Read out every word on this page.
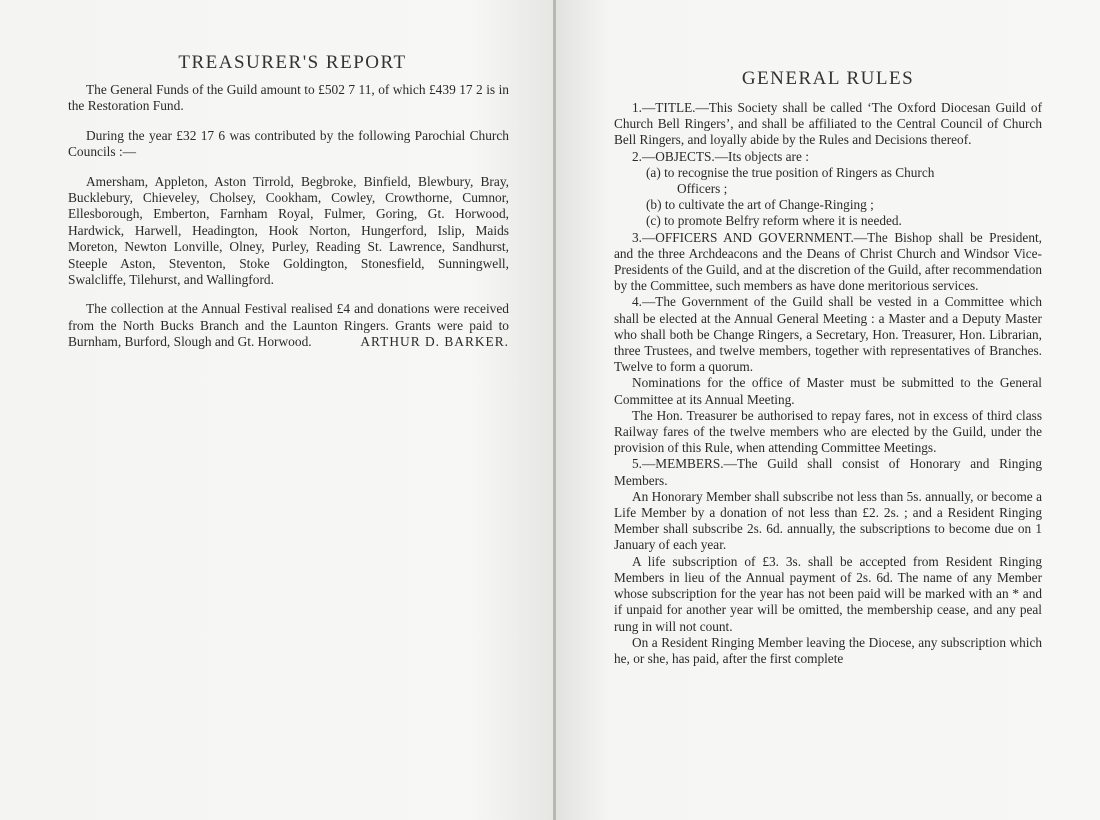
TREASURER'S REPORT

The General Funds of the Guild amount to £502 7 11, of which £439 17 2 is in the Restoration Fund.

During the year £32 17 6 was contributed by the following Parochial Church Councils :—

Amersham, Appleton, Aston Tirrold, Begbroke, Binfield, Blewbury, Bray, Bucklebury, Chieveley, Cholsey, Cookham, Cowley, Crowthorne, Cumnor, Ellesborough, Emberton, Farnham Royal, Fulmer, Goring, Gt. Horwood, Hardwick, Harwell, Headington, Hook Norton, Hungerford, Islip, Maids Moreton, Newton Lonville, Olney, Purley, Reading St. Lawrence, Sandhurst, Steeple Aston, Steventon, Stoke Goldington, Stonesfield, Sunningwell, Swalcliffe, Tilehurst, and Wallingford.

The collection at the Annual Festival realised £4 and donations were received from the North Bucks Branch and the Launton Ringers. Grants were paid to Burnham, Burford, Slough and Gt. Horwood.	ARTHUR D. BARKER.

GENERAL RULES

1.—TITLE.—This Society shall be called ‘The Oxford Diocesan Guild of Church Bell Ringers’, and shall be affiliated to the Central Council of Church Bell Ringers, and loyally abide by the Rules and Decisions thereof.

2.—OBJECTS.—Its objects are :

(a) to recognise the true position of Ringers as Church
Officers ;

(b) to cultivate the art of Change-Ringing ;

(c) to promote Belfry reform where it is needed.

3.—OFFICERS AND GOVERNMENT.—The Bishop shall be President, and the three Archdeacons and the Deans of Christ Church and Windsor Vice-Presidents of the Guild, and at the discretion of the Guild, after recommendation by the Committee, such members as have done meritorious services.

4.—The Government of the Guild shall be vested in a Committee which shall be elected at the Annual General Meeting : a Master and a Deputy Master who shall both be Change Ringers, a Secretary, Hon. Treasurer, Hon. Librarian, three Trustees, and twelve members, together with representatives of Branches. Twelve to form a quorum.

Nominations for the office of Master must be submitted to the General Committee at its Annual Meeting.

The Hon. Treasurer be authorised to repay fares, not in excess of third class Railway fares of the twelve members who are elected by the Guild, under the provision of this Rule, when attending Committee Meetings.

5.—MEMBERS.—The Guild shall consist of Honorary and Ringing Members.

An Honorary Member shall subscribe not less than 5s. annually, or become a Life Member by a donation of not less than £2. 2s. ; and a Resident Ringing Member shall subscribe 2s. 6d. annually, the subscriptions to become due on 1 January of each year.

A life subscription of £3. 3s. shall be accepted from Resident Ringing Members in lieu of the Annual payment of 2s. 6d. The name of any Member whose subscription for the year has not been paid will be marked with an * and if unpaid for another year will be omitted, the membership cease, and any peal rung in will not count.

On a Resident Ringing Member leaving the Diocese, any subscription which he, or she, has paid, after the first complete
